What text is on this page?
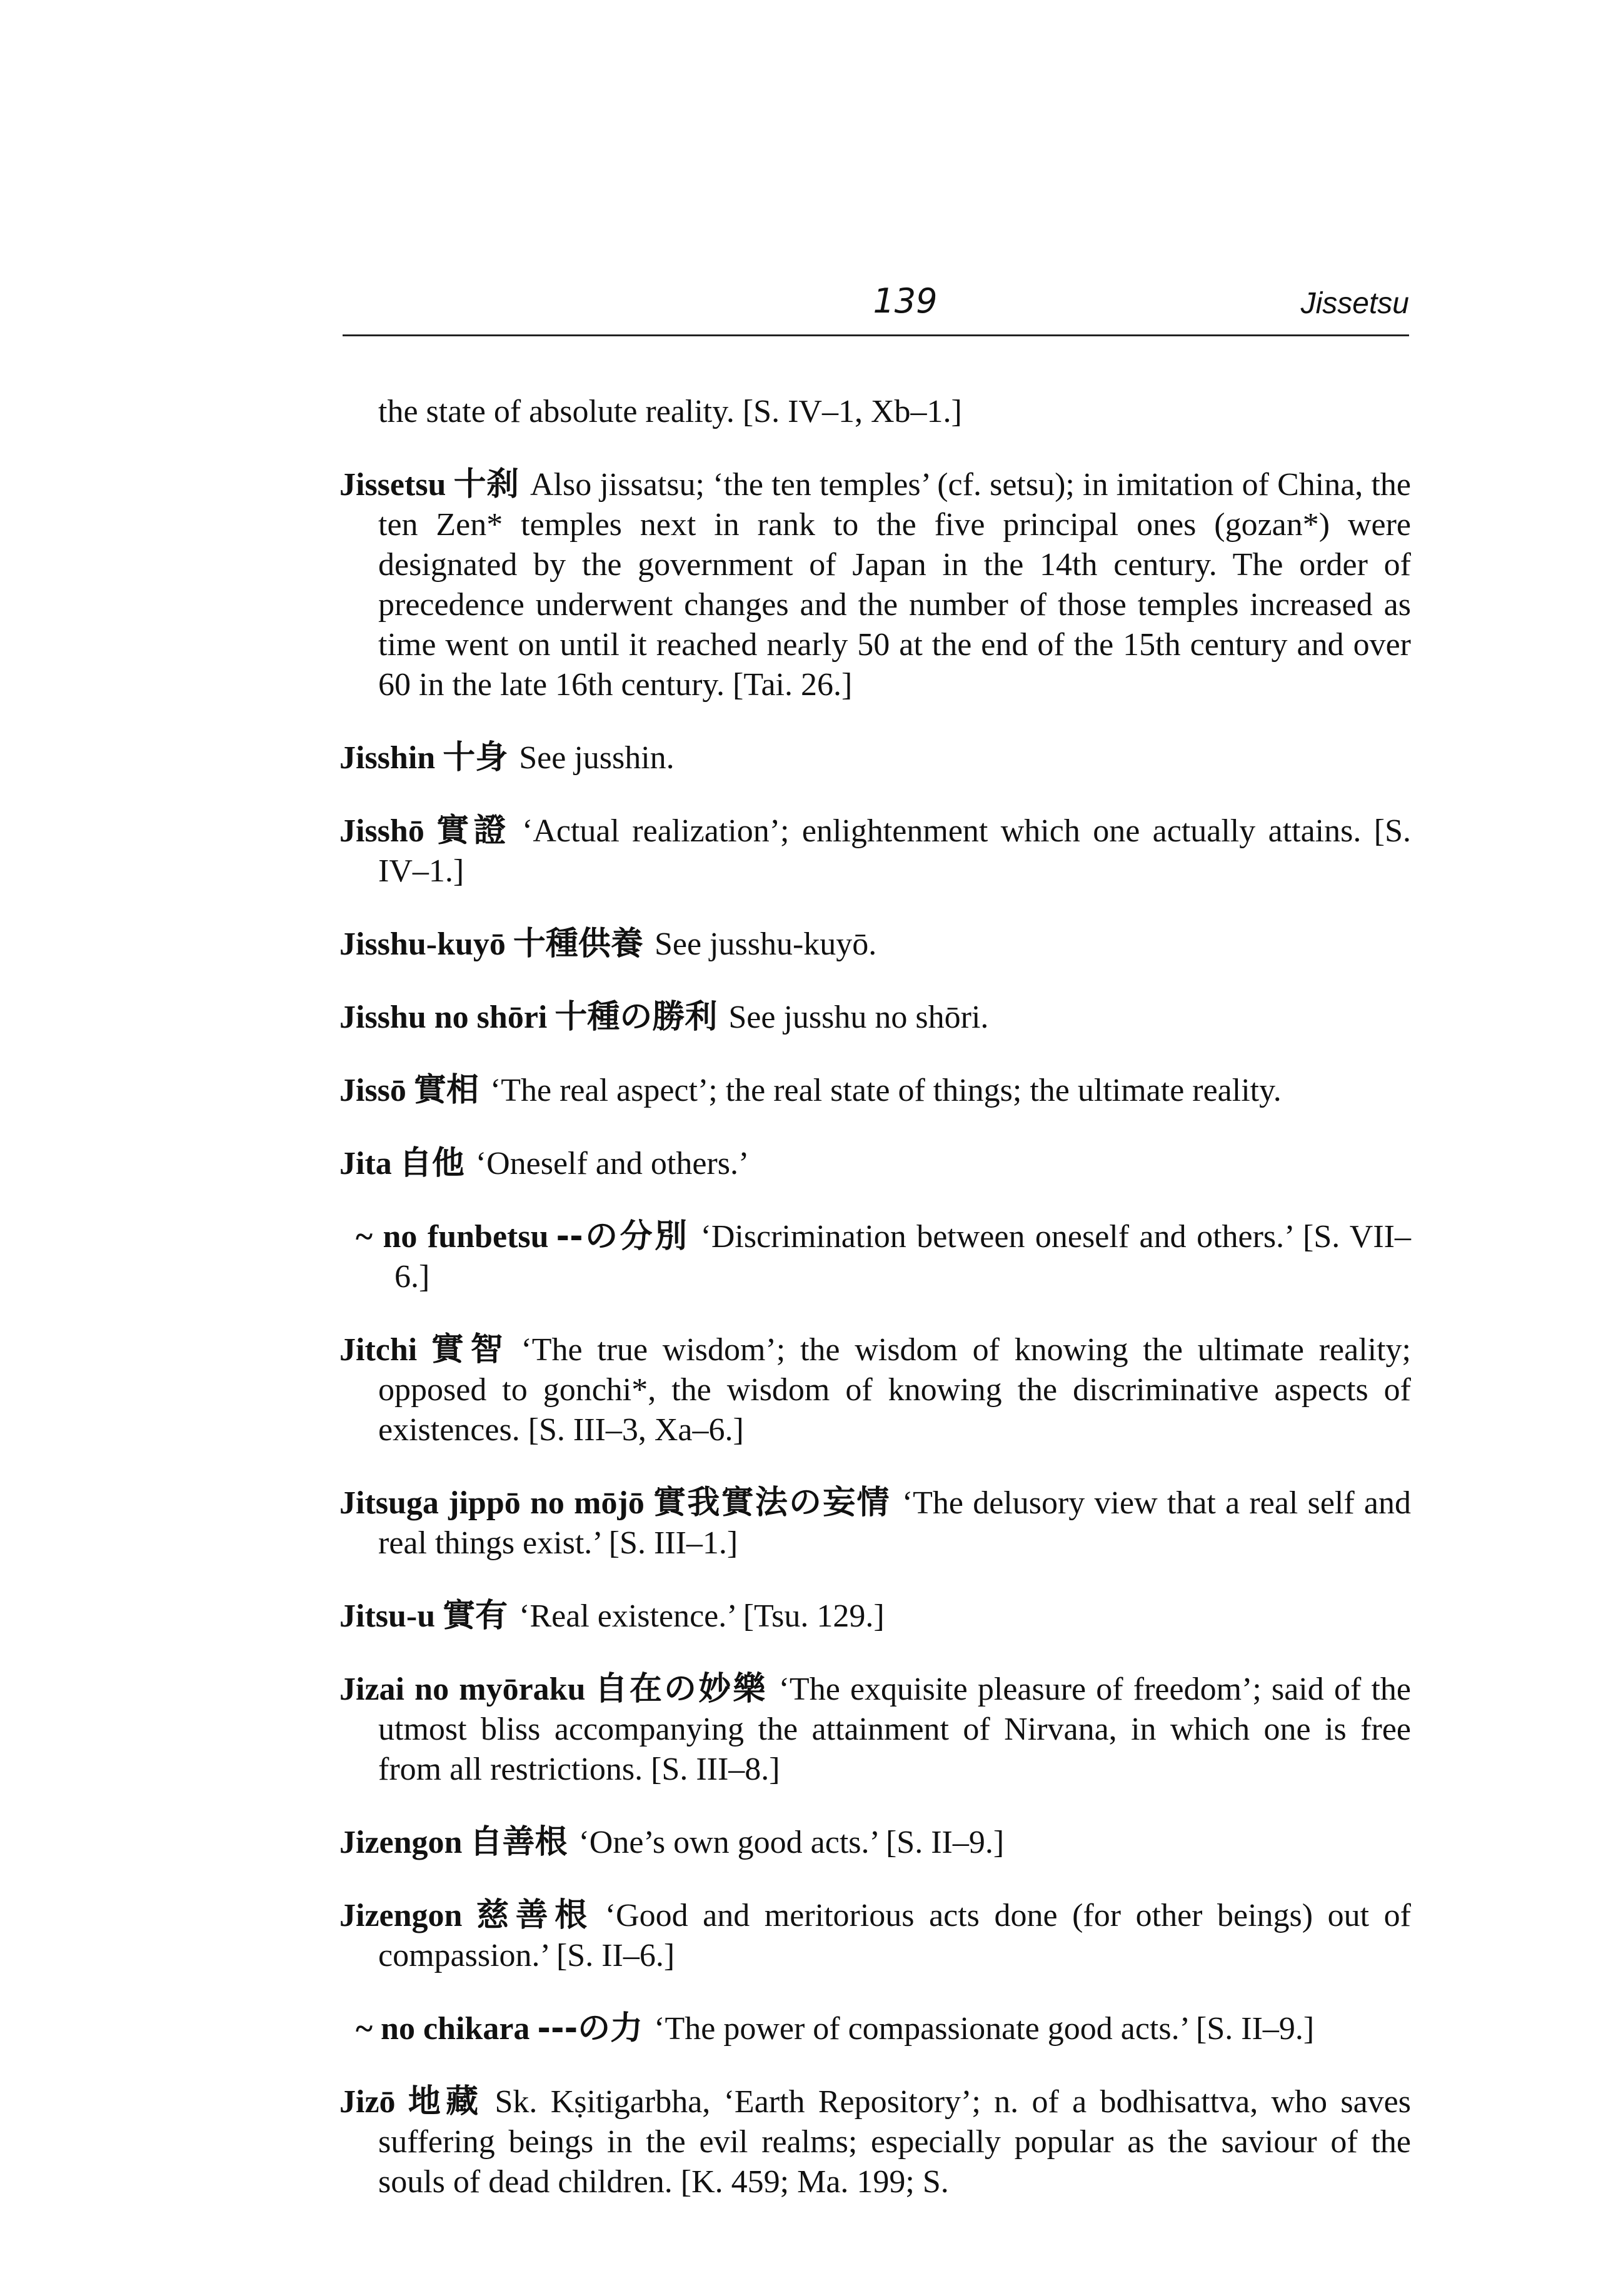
139	Jissetsu

the state of absolute reality. [S. IV–1, Xb–1.]

Jissetsu 十刹 Also jissatsu; ‘the ten temples’ (cf. setsu); in imitation of China, the ten Zen* temples next in rank to the five principal ones (gozan*) were designated by the government of Japan in the 14th century. The order of precedence underwent changes and the number of those temples increased as time went on until it reached nearly 50 at the end of the 15th century and over 60 in the late 16th century. [Tai. 26.]

Jisshin 十身 See jusshin.

Jisshō 實證 ‘Actual realization’; enlightenment which one actually attains. [S. IV–1.]

Jisshu-kuyō 十種供養 See jusshu-kuyō.

Jisshu no shōri 十種の勝利 See jusshu no shōri.

Jissō 實相 ‘The real aspect’; the real state of things; the ultimate reality.

Jita 自他 ‘Oneself and others.’

~ no funbetsu --の分別 ‘Discrimination between oneself and others.’ [S. VII–6.]

Jitchi 實智 ‘The true wisdom’; the wisdom of knowing the ultimate reality; opposed to gonchi*, the wisdom of knowing the discriminative aspects of existences. [S. III–3, Xa–6.]

Jitsuga jippō no mōjō 實我實法の妄情 ‘The delusory view that a real self and real things exist.’ [S. III–1.]

Jitsu-u 實有 ‘Real existence.’ [Tsu. 129.]

Jizai no myōraku 自在の妙樂 ‘The exquisite pleasure of freedom’; said of the utmost bliss accompanying the attainment of Nirvana, in which one is free from all restrictions. [S. III–8.]

Jizengon 自善根 ‘One’s own good acts.’ [S. II–9.]

Jizengon 慈善根 ‘Good and meritorious acts done (for other beings) out of compassion.’ [S. II–6.]

~ no chikara ---の力 ‘The power of compassionate good acts.’ [S. II–9.]

Jizō 地藏 Sk. Kṣitigarbha, ‘Earth Repository’; n. of a bodhisattva, who saves suffering beings in the evil realms; especially popular as the saviour of the souls of dead children. [K. 459; Ma. 199; S.
